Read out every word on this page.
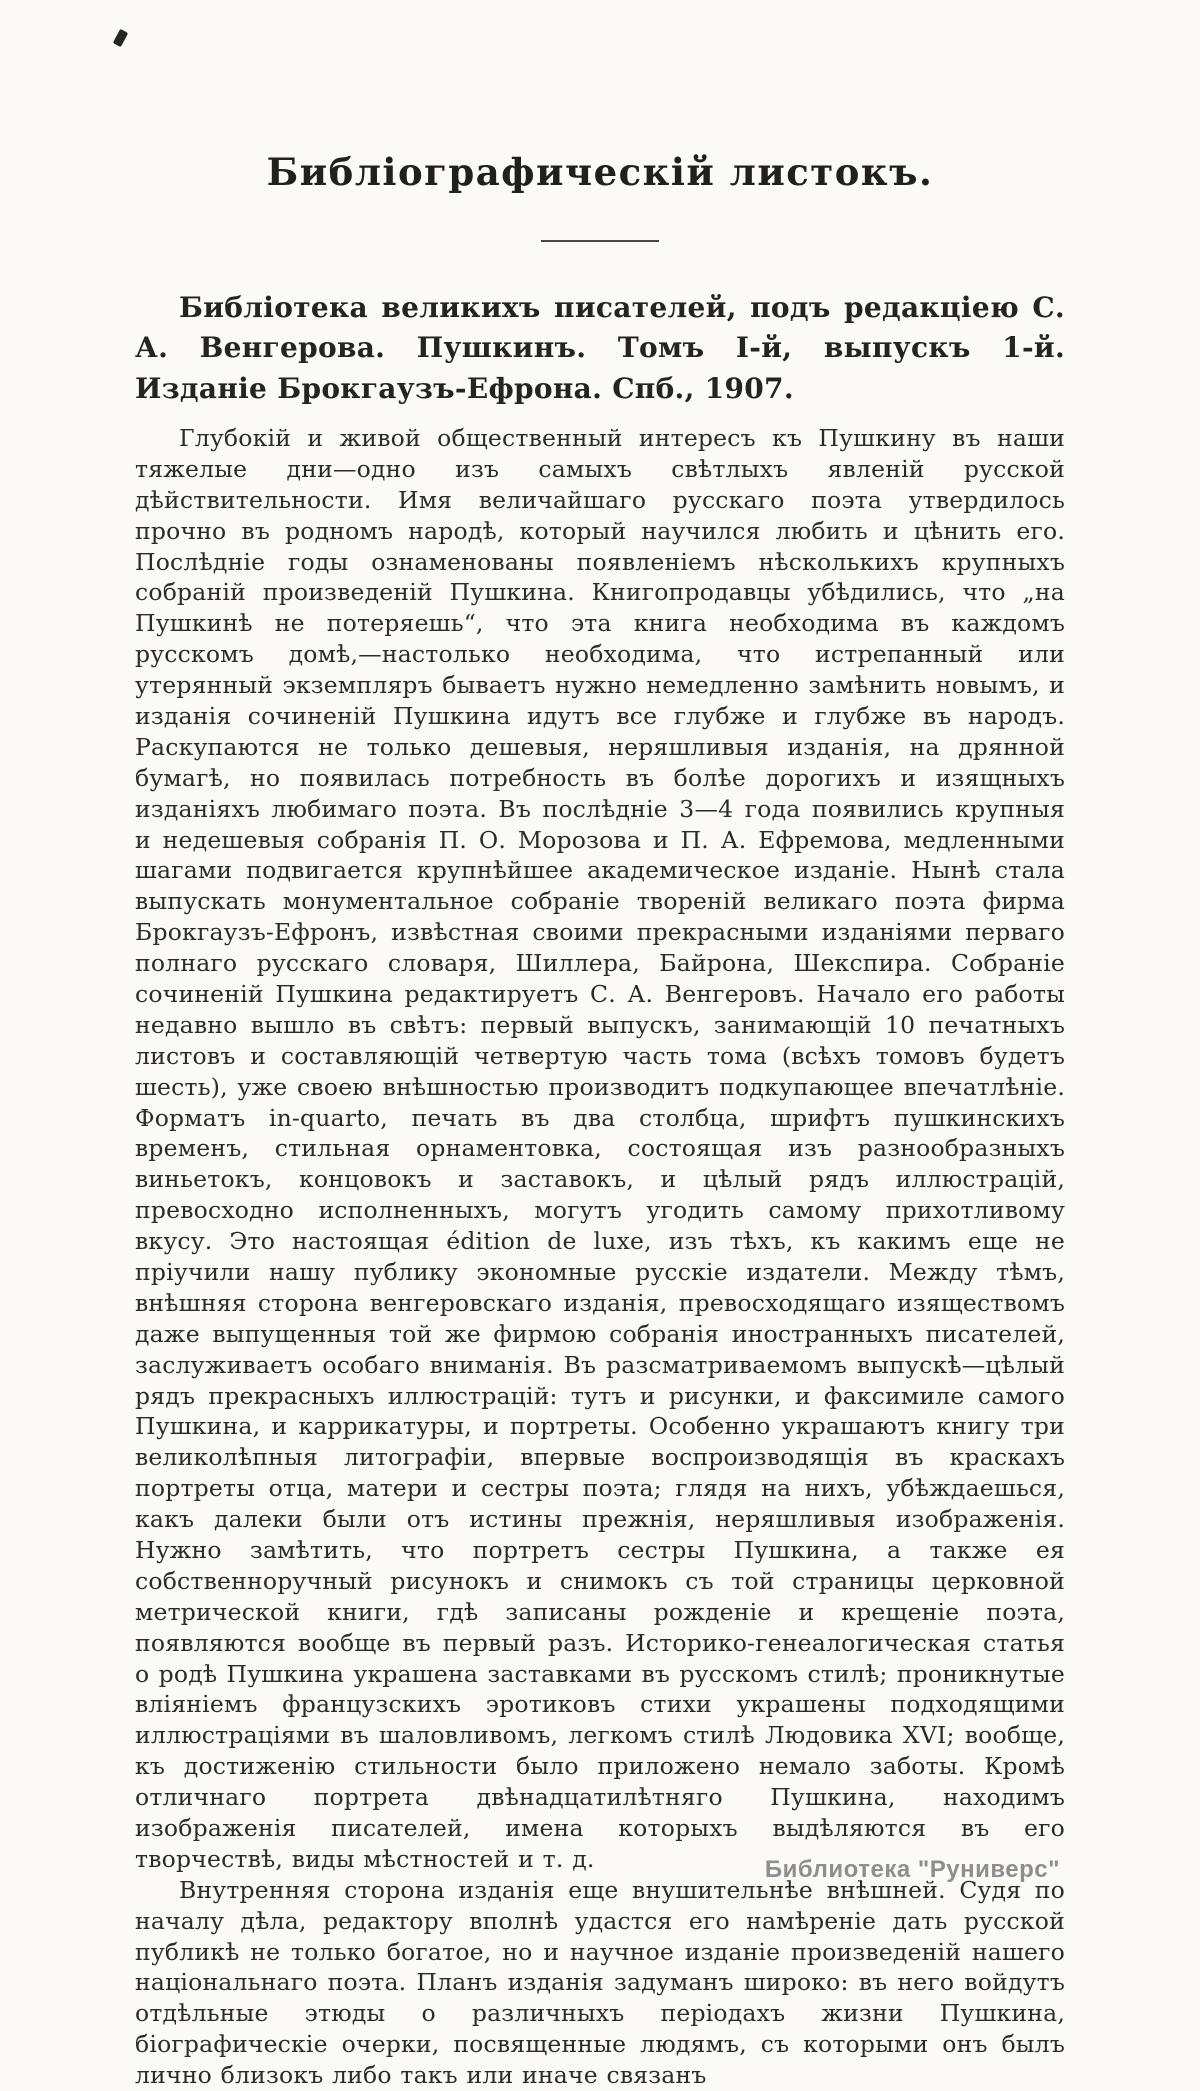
Библіографическій листокъ.

Библіотека великихъ писателей, подъ редакціею С. А. Венгерова. Пушкинъ. Томъ I-й, выпускъ 1-й. Изданіе Брокгаузъ-Ефрона. Спб., 1907.

Глубокій и живой общественный интересъ къ Пушкину въ наши тяжелые дни—одно изъ самыхъ свѣтлыхъ явленій русской дѣйствительности. Имя величайшаго русскаго поэта утвердилось прочно въ родномъ народѣ, который научился любить и цѣнить его. Послѣдніе годы ознаменованы появленіемъ нѣсколькихъ крупныхъ собраній произведеній Пушкина. Книгопродавцы убѣдились, что „на Пушкинѣ не потеряешь“, что эта книга необходима въ каждомъ русскомъ домѣ,—настолько необходима, что истрепанный или утерянный экземпляръ бываетъ нужно немедленно замѣнить новымъ, и изданія сочиненій Пушкина идутъ все глубже и глубже въ народъ. Раскупаются не только дешевыя, неряшливыя изданія, на дрянной бумагѣ, но появилась потребность въ болѣе дорогихъ и изящныхъ изданіяхъ любимаго поэта. Въ послѣдніе 3—4 года появились крупныя и недешевыя собранія П. О. Морозова и П. А. Ефремова, медленными шагами подвигается крупнѣйшее академическое изданіе. Нынѣ стала выпускать монументальное собраніе твореній великаго поэта фирма Брокгаузъ-Ефронъ, извѣстная своими прекрасными изданіями перваго полнаго русскаго словаря, Шиллера, Байрона, Шекспира. Собраніе сочиненій Пушкина редактируетъ С. А. Венгеровъ. Начало его работы недавно вышло въ свѣтъ: первый выпускъ, занимающій 10 печатныхъ листовъ и составляющій четвертую часть тома (всѣхъ томовъ будетъ шесть), уже своею внѣшностью производитъ подкупающее впечатлѣніе. Форматъ in-quarto, печать въ два столбца, шрифтъ пушкинскихъ временъ, стильная орнаментовка, состоящая изъ разнообразныхъ виньетокъ, концовокъ и заставокъ, и цѣлый рядъ иллюстрацій, превосходно исполненныхъ, могутъ угодить самому прихотливому вкусу. Это настоящая édition de luxe, изъ тѣхъ, къ какимъ еще не пріучили нашу публику экономные русскіе издатели. Между тѣмъ, внѣшняя сторона венгеровскаго изданія, превосходящаго изяществомъ даже выпущенныя той же фирмою собранія иностранныхъ писателей, заслуживаетъ особаго вниманія. Въ разсматриваемомъ выпускѣ—цѣлый рядъ прекрасныхъ иллюстрацій: тутъ и рисунки, и факсимиле самого Пушкина, и каррикатуры, и портреты. Особенно украшаютъ книгу три великолѣпныя литографіи, впервые воспроизводящія въ краскахъ портреты отца, матери и сестры поэта; глядя на нихъ, убѣждаешься, какъ далеки были отъ истины прежнія, неряшливыя изображенія. Нужно замѣтить, что портретъ сестры Пушкина, а также ея собственноручный рисунокъ и снимокъ съ той страницы церковной метрической книги, гдѣ записаны рожденіе и крещеніе поэта, появляются вообще въ первый разъ. Историко-генеалогическая статья о родѣ Пушкина украшена заставками въ русскомъ стилѣ; проникнутые вліяніемъ французскихъ эротиковъ стихи украшены подходящими иллюстраціями въ шаловливомъ, легкомъ стилѣ Людовика XVI; вообще, къ достиженію стильности было приложено немало заботы. Кромѣ отличнаго портрета двѣнадцатилѣтняго Пушкина, находимъ изображенія писателей, имена которыхъ выдѣляются въ его творчествѣ, виды мѣстностей и т. д.

Внутренняя сторона изданія еще внушительнѣе внѣшней. Судя по началу дѣла, редактору вполнѣ удастся его намѣреніе дать русской публикѣ не только богатое, но и научное изданіе произведеній нашего національнаго поэта. Планъ изданія задуманъ широко: въ него войдутъ отдѣльные этюды о различныхъ періодахъ жизни Пушкина, біографическіе очерки, посвященные людямъ, съ которыми онъ былъ лично близокъ либо такъ или иначе связанъ

Библиотека "Руниверс"
